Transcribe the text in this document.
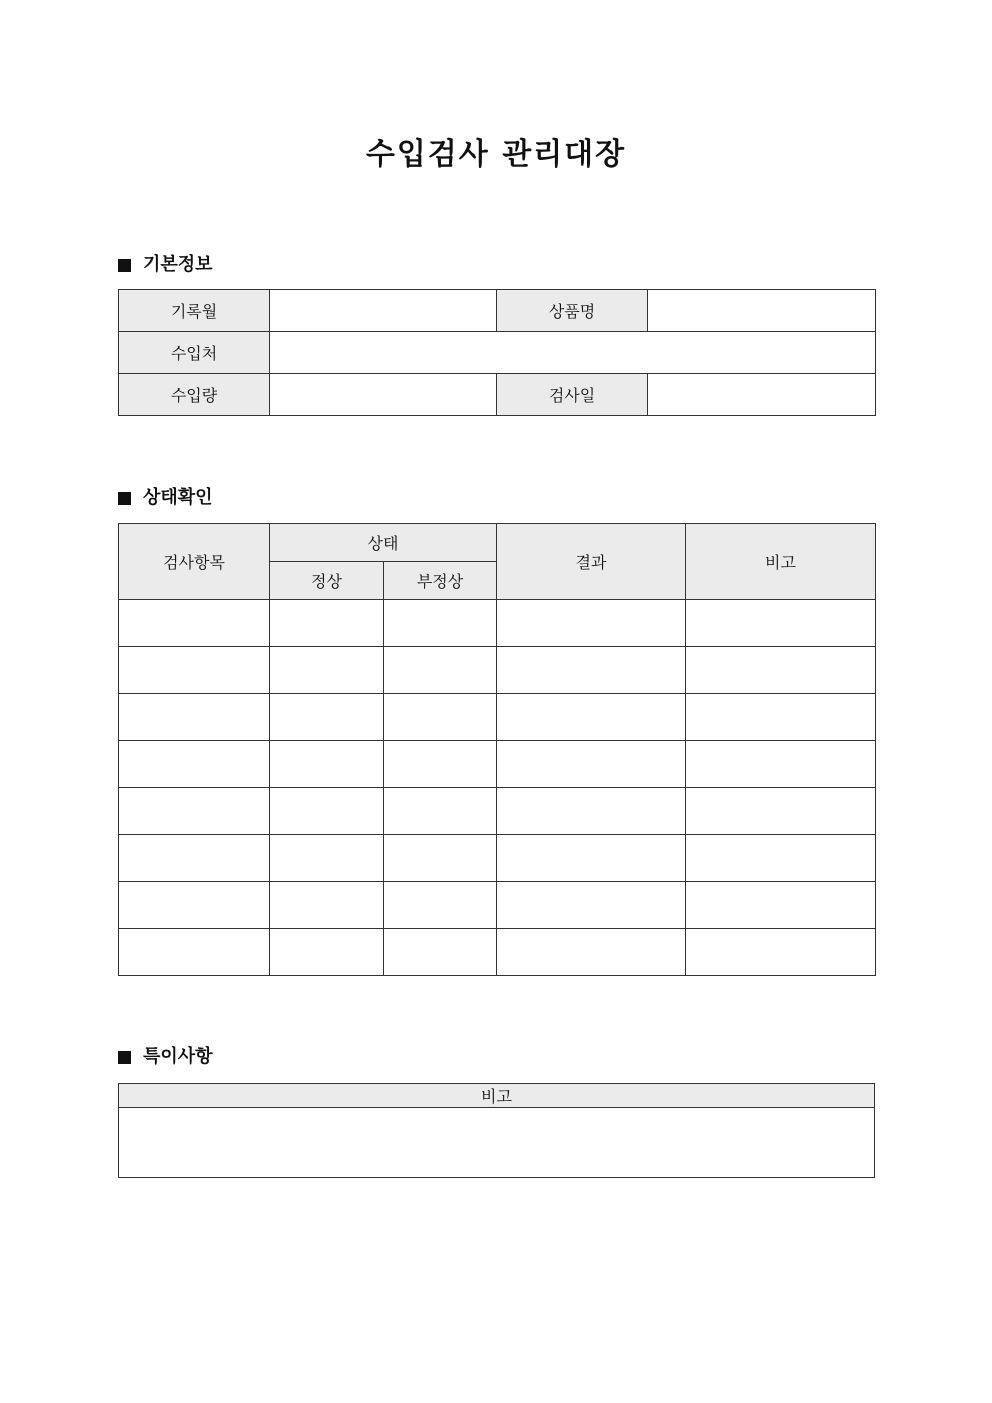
수입검사 관리대장
기본정보
기록월		상품명	
수입처			
수입량		검사일	
상태확인
검사항목	상태		결과	비고
	정상	부정상		

특이사항
비고
